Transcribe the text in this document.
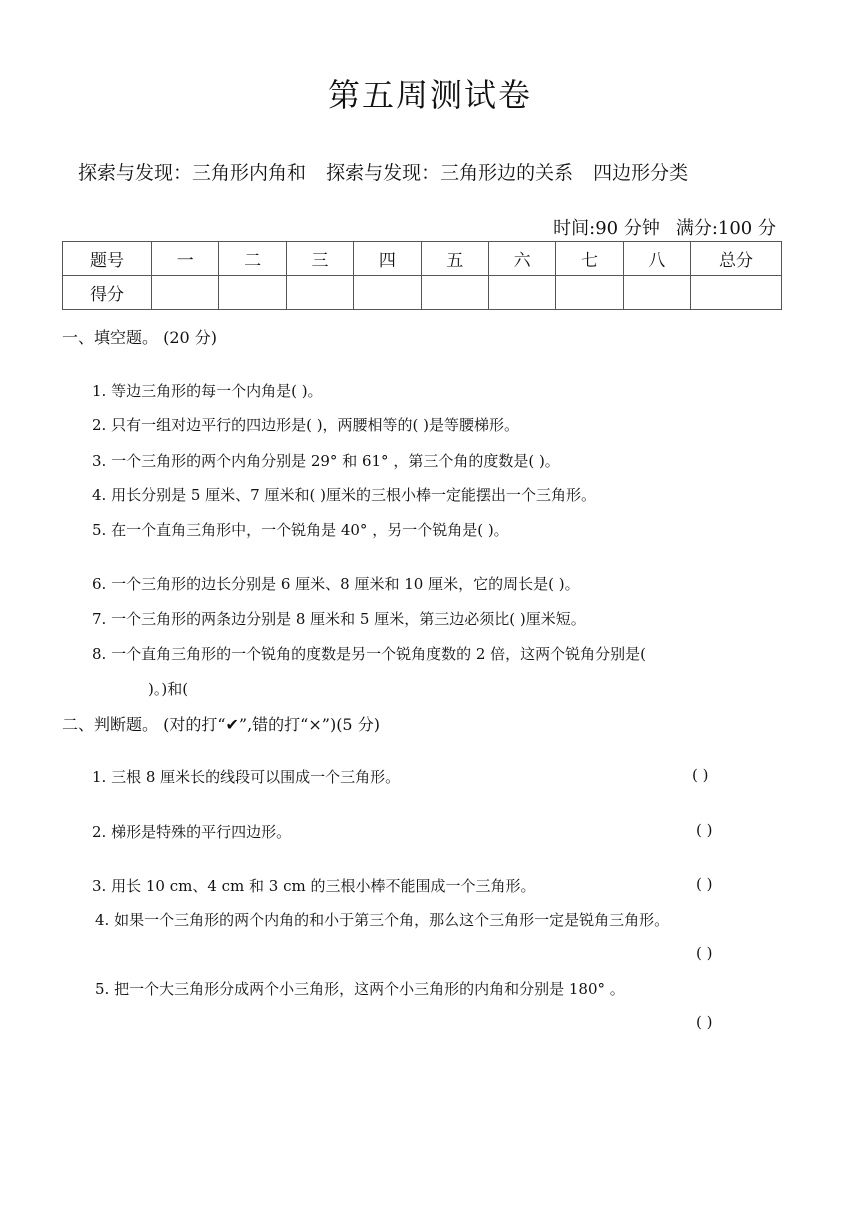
第五周测试卷
探索与发现：三角形内角和 探索与发现：三角形边的关系 四边形分类
时间:90 分钟 满分:100 分
题号	一	二	三	四	五	六	七	八	总分
得分									
一、填空题。 (20 分)
1. 等边三角形的每一个内角是( )。
2. 只有一组对边平行的四边形是( )，两腰相等的( )是等腰梯形。
3. 一个三角形的两个内角分别是 29° 和 61° ，第三个角的度数是( )。
4. 用长分别是 5 厘米、7 厘米和( )厘米的三根小棒一定能摆出一个三角形。
5. 在一个直角三角形中，一个锐角是 40° ，另一个锐角是( )。
6. 一个三角形的边长分别是 6 厘米、8 厘米和 10 厘米，它的周长是( )。
7. 一个三角形的两条边分别是 8 厘米和 5 厘米，第三边必须比( )厘米短。
8. 一个直角三角形的一个锐角的度数是另一个锐角度数的 2 倍，这两个锐角分别是(
)。)和(
二、判断题。 (对的打“✔”,错的打“×”)(5 分)
1. 三根 8 厘米长的线段可以围成一个三角形。	( )
2. 梯形是特殊的平行四边形。	( )
3. 用长 10 cm、4 cm 和 3 cm 的三根小棒不能围成一个三角形。	( )
4. 如果一个三角形的两个内角的和小于第三个角，那么这个三角形一定是锐角三角形。
( )
5. 把一个大三角形分成两个小三角形，这两个小三角形的内角和分别是 180° 。
( )
